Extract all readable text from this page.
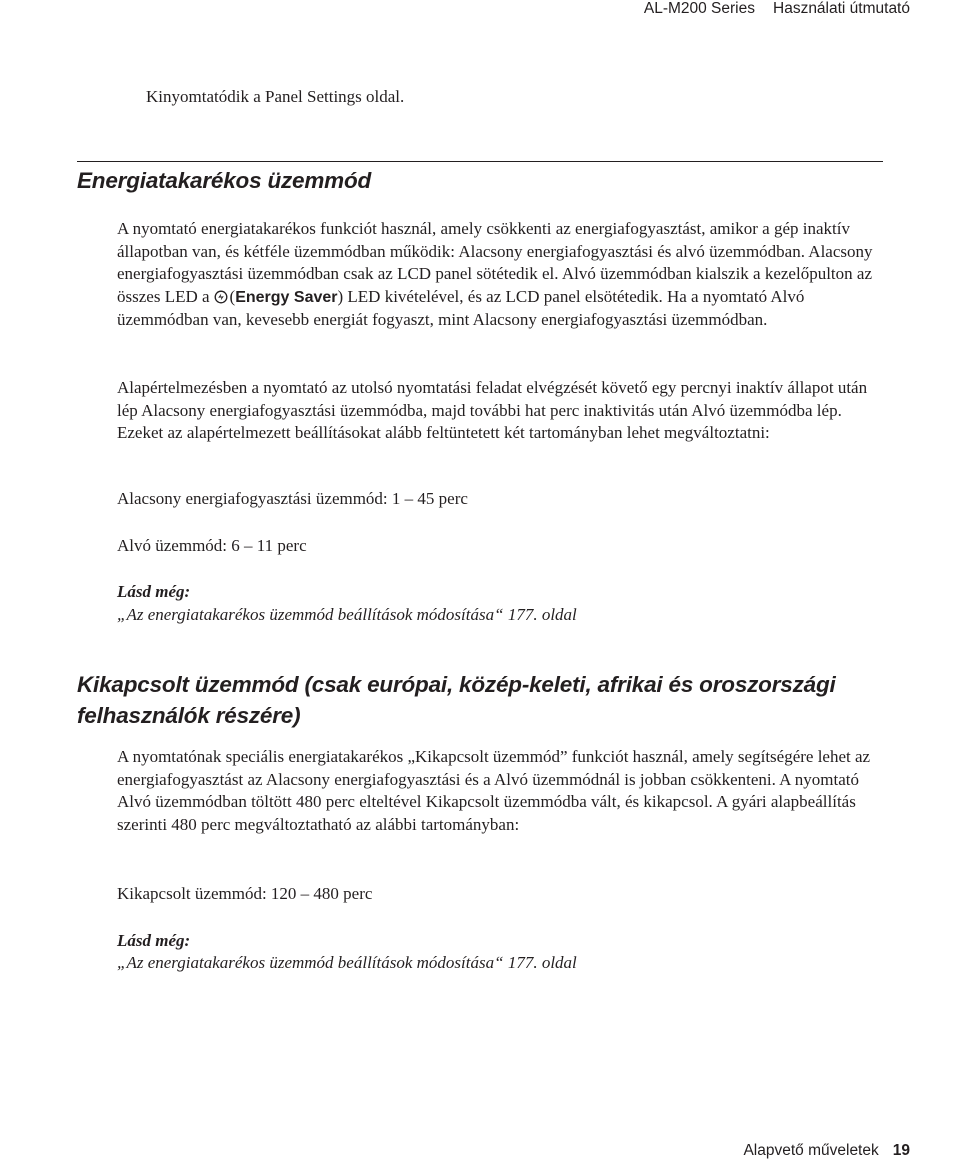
AL-M200 Series Használati útmutató
Kinyomtatódik a Panel Settings oldal.
Energiatakarékos üzemmód

A nyomtató energiatakarékos funkciót használ, amely csökkenti az energiafogyasztást, amikor a gép inaktív állapotban van, és kétféle üzemmódban működik: Alacsony energiafogyasztási és alvó üzemmódban. Alacsony energiafogyasztási üzemmódban csak az LCD panel sötétedik el. Alvó üzemmódban kialszik a kezelőpulton az összes LED a (Energy Saver) LED kivételével, és az LCD panel elsötétedik. Ha a nyomtató Alvó üzemmódban van, kevesebb energiát fogyaszt, mint Alacsony energiafogyasztási üzemmódban.

Alapértelmezésben a nyomtató az utolsó nyomtatási feladat elvégzését követő egy percnyi inaktív állapot után lép Alacsony energiafogyasztási üzemmódba, majd további hat perc inaktivitás után Alvó üzemmódba lép. Ezeket az alapértelmezett beállításokat alább feltüntetett két tartományban lehet megváltoztatni:

Alacsony energiafogyasztási üzemmód: 1 – 45 perc

Alvó üzemmód: 6 – 11 perc

Lásd még:

„Az energiatakarékos üzemmód beállítások módosítása“ 177. oldal

Kikapcsolt üzemmód (csak európai, közép-keleti, afrikai és oroszországi felhasználók részére)

A nyomtatónak speciális energiatakarékos „Kikapcsolt üzemmód” funkciót használ, amely segítségére lehet az energiafogyasztást az Alacsony energiafogyasztási és a Alvó üzemmódnál is jobban csökkenteni. A nyomtató Alvó üzemmódban töltött 480 perc elteltével Kikapcsolt üzemmódba vált, és kikapcsol. A gyári alapbeállítás szerinti 480 perc megváltoztatható az alábbi tartományban:

Kikapcsolt üzemmód: 120 – 480 perc

Lásd még:

„Az energiatakarékos üzemmód beállítások módosítása“ 177. oldal

Alapvető műveletek 19
